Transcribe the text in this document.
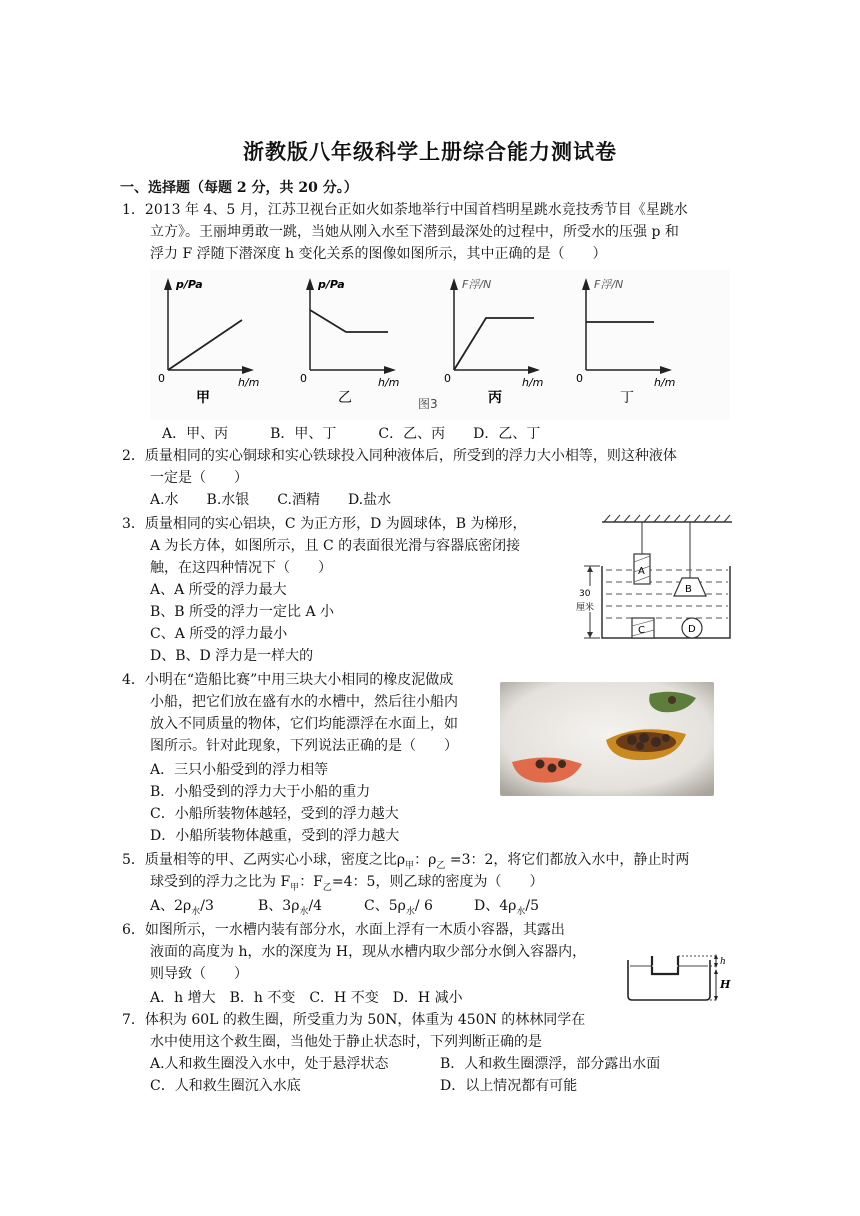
浙教版八年级科学上册综合能力测试卷
一、选择题（每题 2 分，共 20 分。）
1．2013 年 4、5 月，江苏卫视台正如火如荼地举行中国首档明星跳水竞技秀节目《星跳水
立方》。王丽坤勇敢一跳，当她从刚入水至下潜到最深处的过程中，所受水的压强 p 和
浮力 F 浮随下潜深度 h 变化关系的图像如图所示，其中正确的是（　　）
p/Pa
h/m
0
甲
p/Pa
h/m
0
乙	图3
F浮/N
h/m
0
丙
F浮/N
h/m
0
丁
A．甲、丙　　　B．甲、丁　　　C．乙、丙　　D．乙、丁
2．质量相同的实心铜球和实心铁球投入同种液体后，所受到的浮力大小相等，则这种液体
一定是（　　）
A.水　　B.水银　　C.酒精　　D.盐水
3．质量相同的实心铝块，C 为正方形，D 为圆球体，B 为梯形，
A 为长方体，如图所示，且 C 的表面很光滑与容器底密闭接
触，在这四种情况下（　　）
A、A 所受的浮力最大
B、B 所受的浮力一定比 A 小
C、A 所受的浮力最小
D、B、D 浮力是一样大的
A
B
C	D
30
厘米
4．小明在“造船比赛”中用三块大小相同的橡皮泥做成
小船，把它们放在盛有水的水槽中，然后往小船内
放入不同质量的物体，它们均能漂浮在水面上，如
图所示。针对此现象，下列说法正确的是（　　）
A．三只小船受到的浮力相等
B．小船受到的浮力大于小船的重力
C．小船所装物体越轻，受到的浮力越大
D．小船所装物体越重，受到的浮力越大
5．质量相等的甲、乙两实心小球，密度之比$\rho_甲$：$\rho_乙 =3$：2，将它们都放入水中，静止时两
球受到的浮力之比为 $F_甲$：$F_乙=4$：5，则乙球的密度为（　　）
A、$2\rho_水/3$	B、$3\rho_水/4$	C、$5\rho_水/$ 6	D、$4\rho_水/5$
6．如图所示，一水槽内装有部分水，水面上浮有一木质小容器，其露出
液面的高度为 h，水的深度为 H，现从水槽内取少部分水倒入容器内，
则导致（　　）
A．h 增大　B．h 不变　C．H 不变　D．H 减小
h
H
7．体积为 60L 的救生圈，所受重力为 50N，体重为 450N 的林林同学在
水中使用这个救生圈，当他处于静止状态时，下列判断正确的是
A.人和救生圈没入水中，处于悬浮状态	B．人和救生圈漂浮，部分露出水面
C．人和救生圈沉入水底	D．以上情况都有可能
